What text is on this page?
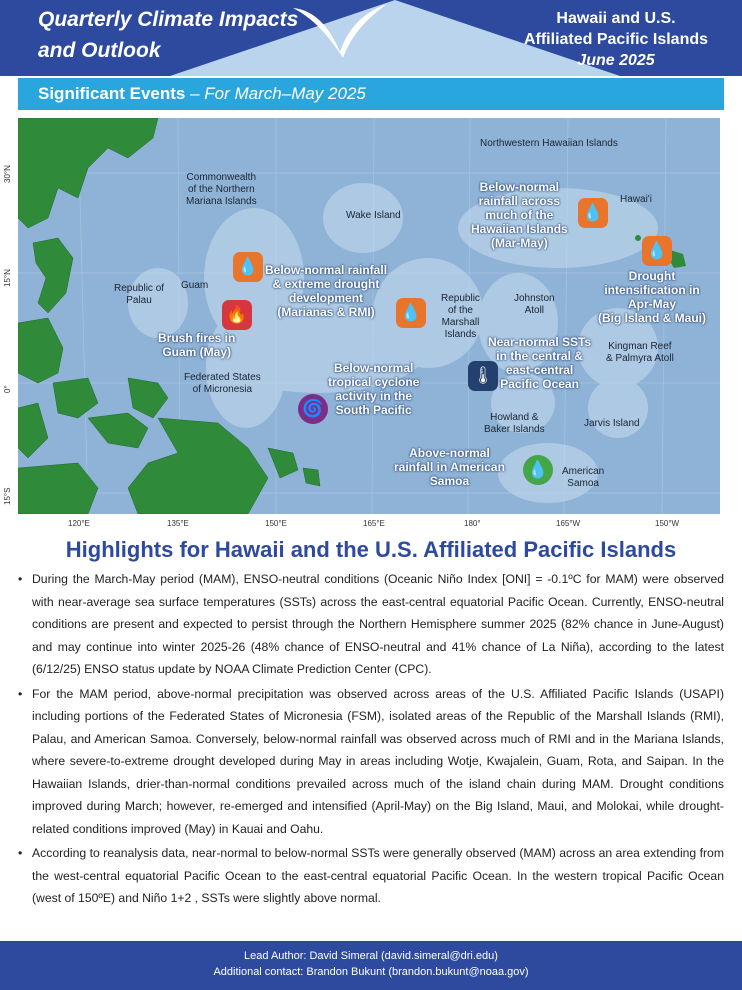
Quarterly Climate Impacts
and Outlook
Hawaii and U.S.
Affiliated Pacific Islands
June 2025
Significant Events – For March–May 2025
Northwestern Hawaiian Islands
Commonwealth
of the Northern
Mariana Islands
Wake Island
Hawai'i
Republic of
Palau
Guam
Republic
of the
Marshall
Islands
Johnston
Atoll
Federated States
of Micronesia
Kingman Reef
& Palmyra Atoll
Howland &
Baker Islands
Jarvis Island
American
Samoa
Below-normal
rainfall across
much of the
Hawaiian Islands
(Mar-May)
💧
💧 Below-normal rainfall
& extreme drought
development
(Marianas & RMI)	💧
💧
Drought
intensification in
Apr-May
(Big Island & Maui)
🔥
Brush fires in
Guam (May)
🌡
Near-normal SSTs
in the central &
east-central
Pacific Ocean
🌀
Below-normal
tropical cyclone
activity in the
South Pacific
Above-normal
rainfall in American
Samoa
💧
30°N
15°N
0°
15°S
120°E	135°E	150°E	165°E	180°	165°W	150°W
Highlights for Hawaii and the U.S. Affiliated Pacific Islands

• During the March-May period (MAM), ENSO-neutral conditions (Oceanic Niño Index [ONI] = -0.1ºC for MAM) were observed with near-average sea surface temperatures (SSTs) across the east-central equatorial Pacific Ocean. Currently, ENSO-neutral conditions are present and expected to persist through the Northern Hemisphere summer 2025 (82% chance in June-August) and may continue into winter 2025-26 (48% chance of ENSO-neutral and 41% chance of La Niña), according to the latest (6/12/25) ENSO status update by NOAA Climate Prediction Center (CPC).

• For the MAM period, above-normal precipitation was observed across areas of the U.S. Affiliated Pacific Islands (USAPI) including portions of the Federated States of Micronesia (FSM), isolated areas of the Republic of the Marshall Islands (RMI), Palau, and American Samoa. Conversely, below-normal rainfall was observed across much of RMI and in the Mariana Islands, where severe-to-extreme drought developed during May in areas including Wotje, Kwajalein, Guam, Rota, and Saipan. In the Hawaiian Islands, drier-than-normal conditions prevailed across much of the island chain during MAM. Drought conditions improved during March; however, re-emerged and intensified (April-May) on the Big Island, Maui, and Molokai, while drought-related conditions improved (May) in Kauai and Oahu.

• According to reanalysis data, near-normal to below-normal SSTs were generally observed (MAM) across an area extending from the west-central equatorial Pacific Ocean to the east-central equatorial Pacific Ocean. In the western tropical Pacific Ocean (west of 150ºE) and Niño 1+2 , SSTs were slightly above normal.

Lead Author: David Simeral (david.simeral@dri.edu)
Additional contact: Brandon Bukunt (brandon.bukunt@noaa.gov)
